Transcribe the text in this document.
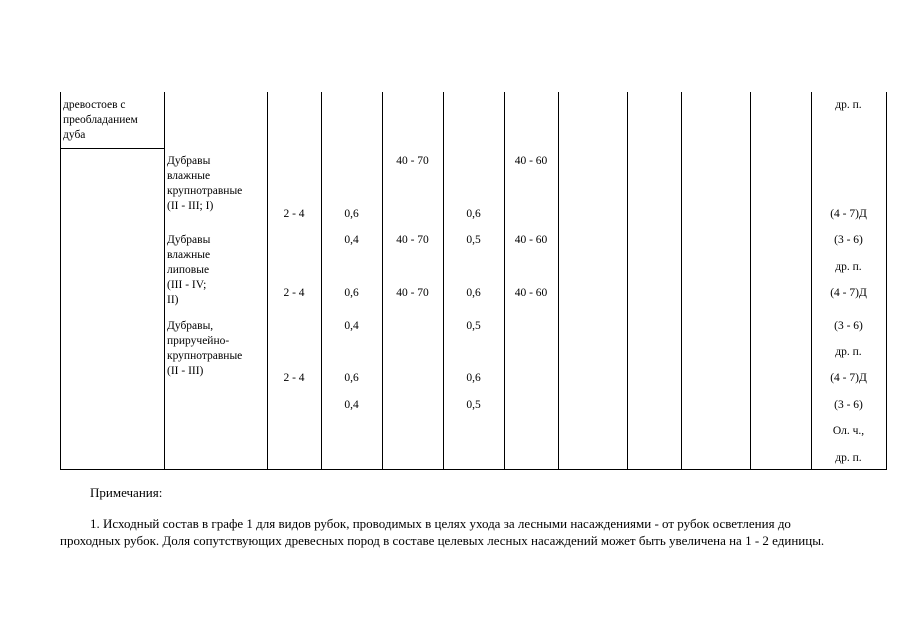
древостоев с
преобладанием
дуба
Дубравы
влажные
крупнотравные
(II - III; I)
Дубравы
влажные
липовые
(III - IV;
II)
Дубравы,
приручейно-
крупнотравные
(II - III)
2 - 4
2 - 4
2 - 4
0,6
0,4
0,6
0,4
0,6
0,4
40 - 70
40 - 70
40 - 70
0,6
0,5
0,6
0,5
0,6
0,5
40 - 60
40 - 60
40 - 60
др. п.
(4 - 7)Д
(3 - 6)
др. п.
(4 - 7)Д
(3 - 6)
др. п.
(4 - 7)Д
(3 - 6)
Ол. ч.,
др. п.
Примечания:
1. Исходный состав в графе 1 для видов рубок, проводимых в целях ухода за лесными насаждениями - от рубок осветления до проходных рубок. Доля сопутствующих древесных пород в составе целевых лесных насаждений может быть увеличена на 1 - 2 единицы.
